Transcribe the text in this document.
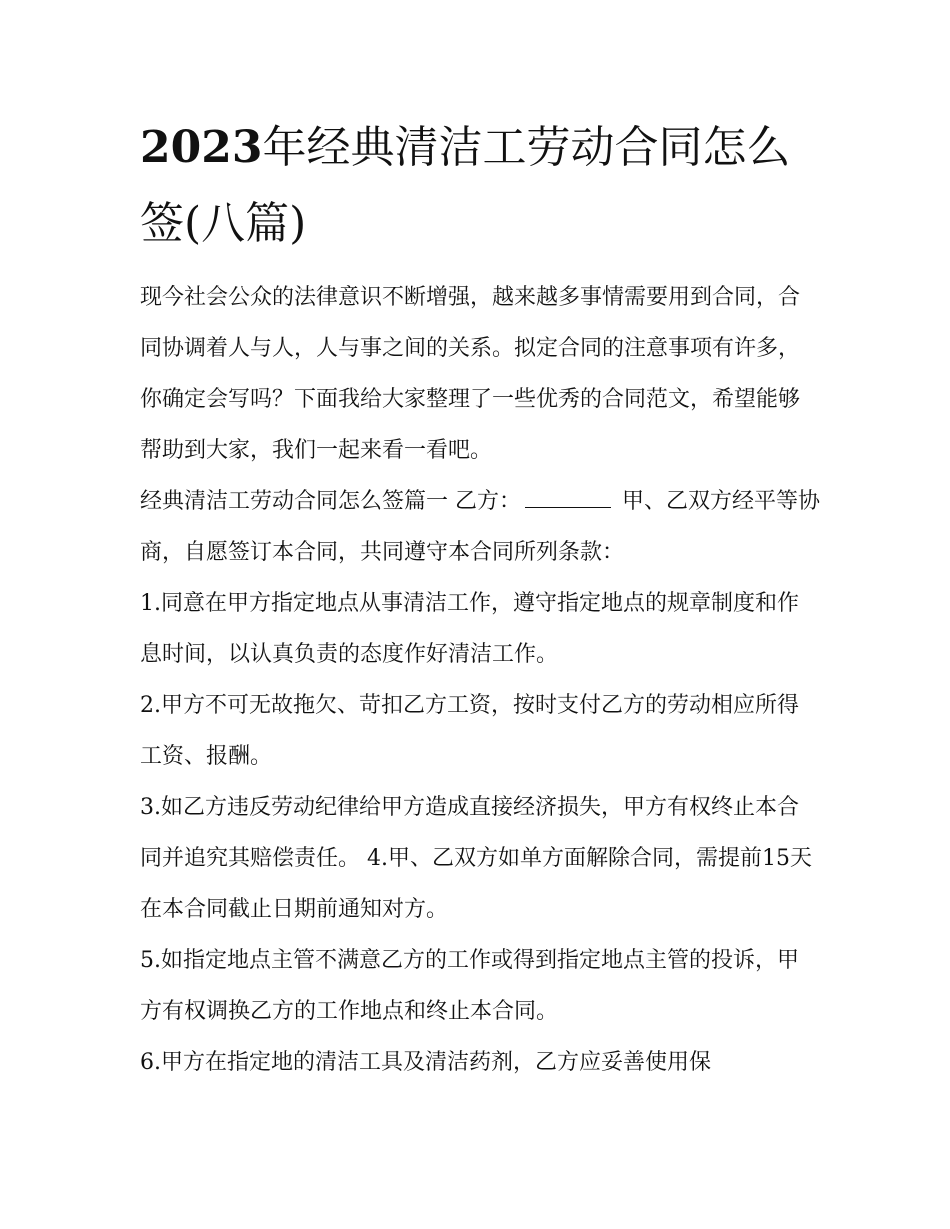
2023年经典清洁工劳动合同怎么签(八篇)

现今社会公众的法律意识不断增强，越来越多事情需要用到合同，合同协调着人与人，人与事之间的关系。拟定合同的注意事项有许多，你确定会写吗？下面我给大家整理了一些优秀的合同范文，希望能够帮助到大家，我们一起来看一看吧。

经典清洁工劳动合同怎么签篇一 乙方：	甲、乙双方经平等协商，自愿签订本合同，共同遵守本合同所列条款：

1.同意在甲方指定地点从事清洁工作，遵守指定地点的规章制度和作息时间，以认真负责的态度作好清洁工作。

2.甲方不可无故拖欠、苛扣乙方工资，按时支付乙方的劳动相应所得工资、报酬。

3.如乙方违反劳动纪律给甲方造成直接经济损失，甲方有权终止本合同并追究其赔偿责任。 4.甲、乙双方如单方面解除合同，需提前15天在本合同截止日期前通知对方。

5.如指定地点主管不满意乙方的工作或得到指定地点主管的投诉，甲方有权调换乙方的工作地点和终止本合同。

6.甲方在指定地的清洁工具及清洁药剂，乙方应妥善使用保
